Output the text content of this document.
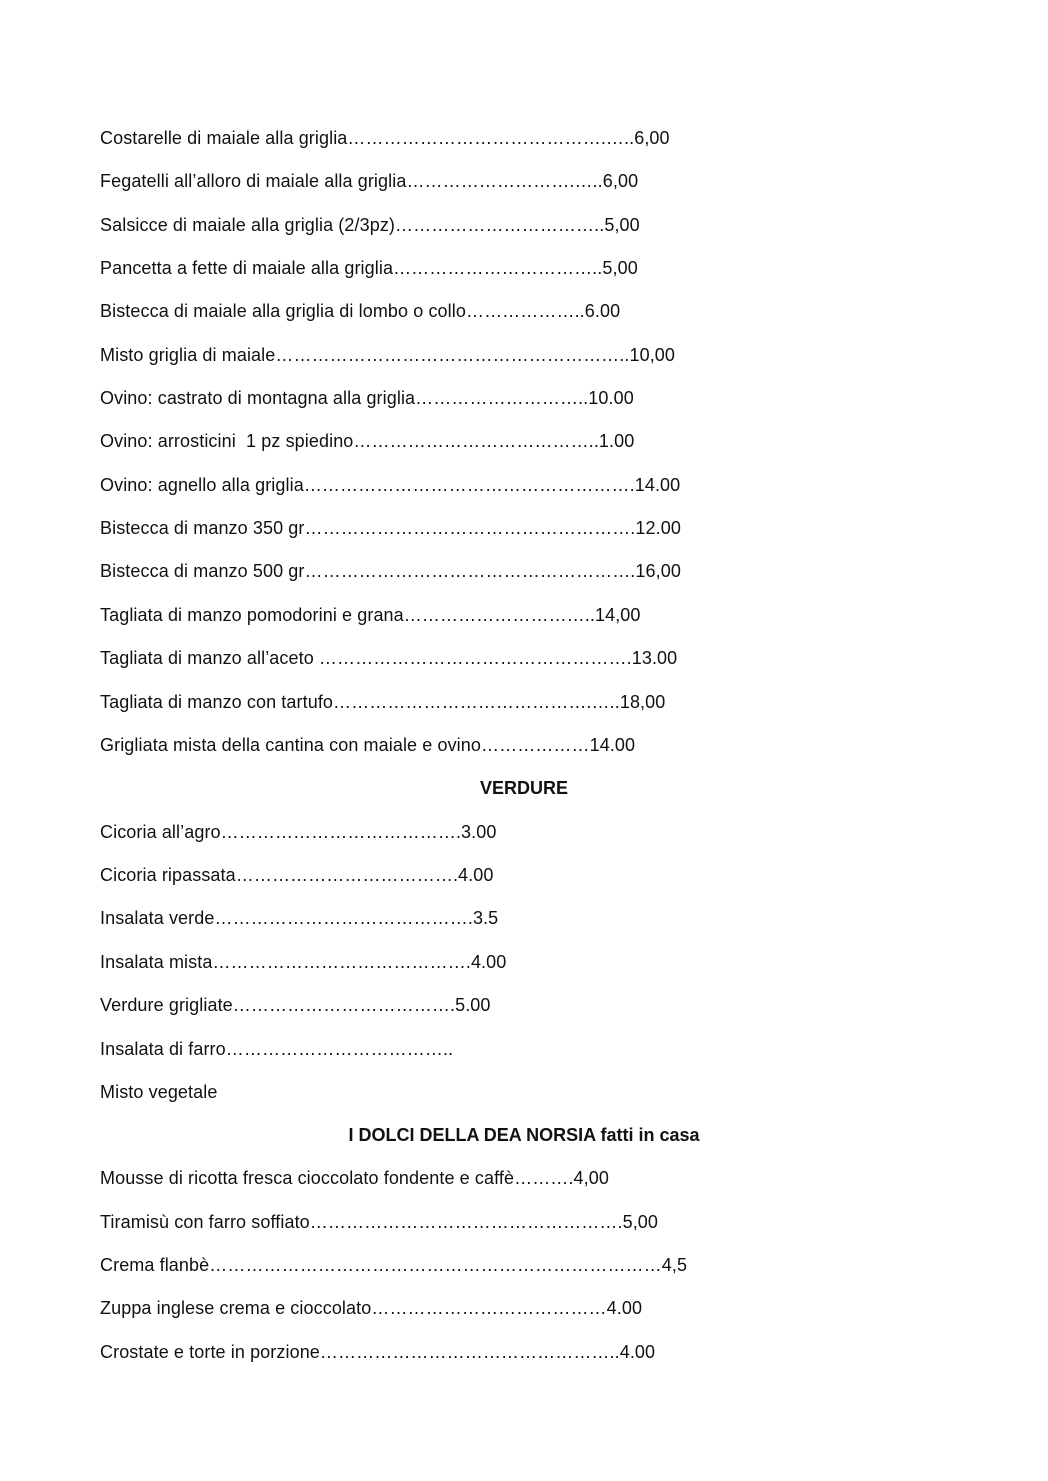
Costarelle di maiale alla griglia…………………………………….…..6,00
Fegatelli all’alloro di maiale alla griglia……………………….…..6,00
Salsicce di maiale alla griglia (2/3pz)……………………………..5,00
Pancetta a fette di maiale alla griglia……………………………..5,00
Bistecca di maiale alla griglia di lombo o collo………………..6.00
Misto griglia di maiale…………………………………………………..10,00
Ovino: castrato di montagna alla griglia………………………..10.00
Ovino: arrosticini  1 pz spiedino…………………………………..1.00
Ovino: agnello alla griglia……………………………………………….14.00
Bistecca di manzo 350 gr……………………………………………….12.00
Bistecca di manzo 500 gr……………………………………………….16,00
Tagliata di manzo pomodorini e grana…………………………..14,00
Tagliata di manzo all’aceto …………………………………………….13.00
Tagliata di manzo con tartufo…………………………………….…..18,00
Grigliata mista della cantina con maiale e ovino………………14.00
VERDURE
Cicoria all’agro………………………………….3.00
Cicoria ripassata……………………………….4.00
Insalata verde…………………………………….3.5
Insalata mista…………………………………….4.00
Verdure grigliate……………………………….5.00
Insalata di farro………………………………..
Misto vegetale
I DOLCI DELLA DEA NORSIA fatti in casa
Mousse di ricotta fresca cioccolato fondente e caffè……….4,00
Tiramisù con farro soffiato…………………………………………….5,00
Crema flanbè…………………………………………………………………4,5
Zuppa inglese crema e cioccolato…………………………………4.00
Crostate e torte in porzione…………………………………………..4.00
